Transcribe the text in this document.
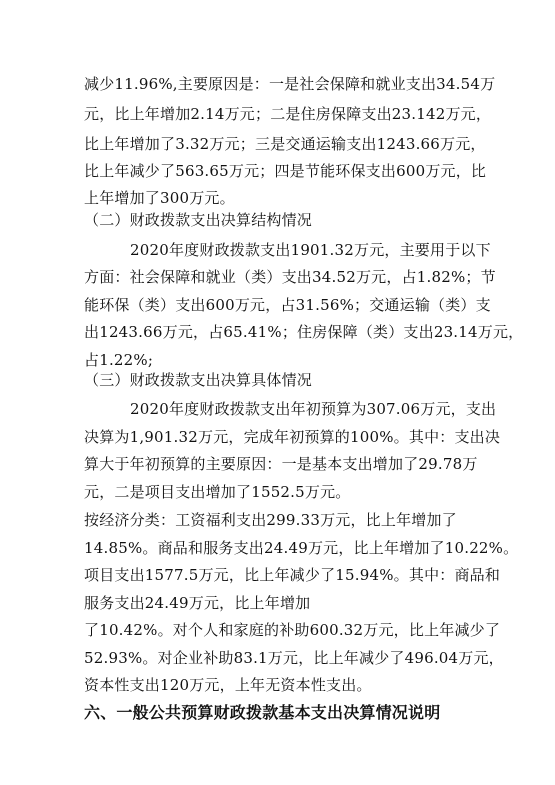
减少11.96%,主要原因是：一是社会保障和就业支出34.54万
元，比上年增加2.14万元；二是住房保障支出23.142万元，
比上年增加了3.32万元；三是交通运输支出1243.66万元，
比上年减少了563.65万元；四是节能环保支出600万元，比
上年增加了300万元。
（二）财政拨款支出决算结构情况
2020年度财政拨款支出1901.32万元，主要用于以下
方面：社会保障和就业（类）支出34.52万元，占1.82%；节
能环保（类）支出600万元，占31.56%；交通运输（类）支
出1243.66万元，占65.41%；住房保障（类）支出23.14万元，
占1.22%;
（三）财政拨款支出决算具体情况
2020年度财政拨款支出年初预算为307.06万元，支出
决算为1,901.32万元，完成年初预算的100%。其中：支出决
算大于年初预算的主要原因：一是基本支出增加了29.78万
元，二是项目支出增加了1552.5万元。
按经济分类：工资福利支出299.33万元，比上年增加了
14.85%。商品和服务支出24.49万元，比上年增加了10.22%。
项目支出1577.5万元，比上年减少了15.94%。其中：商品和
服务支出24.49万元，比上年增加
了10.42%。对个人和家庭的补助600.32万元，比上年减少了
52.93%。对企业补助83.1万元，比上年减少了496.04万元，
资本性支出120万元，上年无资本性支出。
六、一般公共预算财政拨款基本支出决算情况说明
